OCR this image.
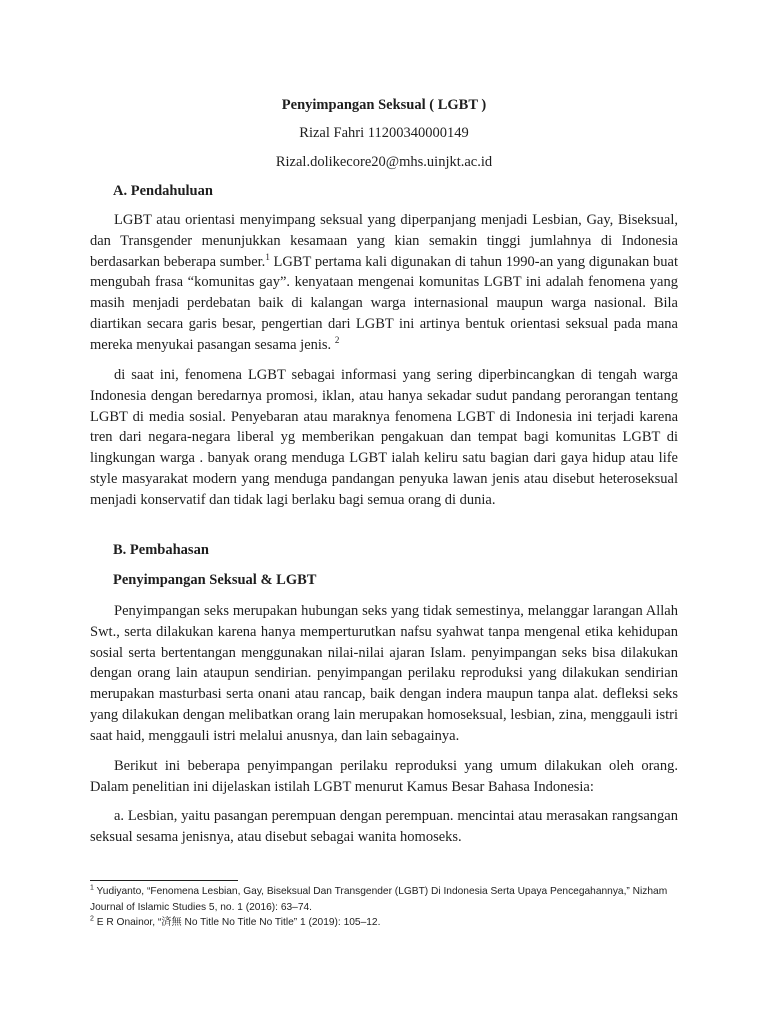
Penyimpangan Seksual ( LGBT )
Rizal Fahri 11200340000149
Rizal.dolikecore20@mhs.uinjkt.ac.id
A. Pendahuluan
LGBT atau orientasi menyimpang seksual yang diperpanjang menjadi Lesbian, Gay, Biseksual, dan Transgender menunjukkan kesamaan yang kian semakin tinggi jumlahnya di Indonesia berdasarkan beberapa sumber.$^1$ LGBT pertama kali digunakan di tahun 1990-an yang digunakan buat mengubah frasa “komunitas gay”. kenyataan mengenai komunitas LGBT ini adalah fenomena yang masih menjadi perdebatan baik di kalangan warga internasional maupun warga nasional. Bila diartikan secara garis besar, pengertian dari LGBT ini artinya bentuk orientasi seksual pada mana mereka menyukai pasangan sesama jenis. $^2$
di saat ini, fenomena LGBT sebagai informasi yang sering diperbincangkan di tengah warga Indonesia dengan beredarnya promosi, iklan, atau hanya sekadar sudut pandang perorangan tentang LGBT di media sosial. Penyebaran atau maraknya fenomena LGBT di Indonesia ini terjadi karena tren dari negara-negara liberal yg memberikan pengakuan dan tempat bagi komunitas LGBT di lingkungan warga . banyak orang menduga LGBT ialah keliru satu bagian dari gaya hidup atau life style masyarakat modern yang menduga pandangan penyuka lawan jenis atau disebut heteroseksual menjadi konservatif dan tidak lagi berlaku bagi semua orang di dunia.
B. Pembahasan
Penyimpangan Seksual & LGBT
Penyimpangan seks merupakan hubungan seks yang tidak semestinya, melanggar larangan Allah Swt., serta dilakukan karena hanya memperturutkan nafsu syahwat tanpa mengenal etika kehidupan sosial serta bertentangan menggunakan nilai-nilai ajaran Islam. penyimpangan seks bisa dilakukan dengan orang lain ataupun sendirian. penyimpangan perilaku reproduksi yang dilakukan sendirian merupakan masturbasi serta onani atau rancap, baik dengan indera maupun tanpa alat. defleksi seks yang dilakukan dengan melibatkan orang lain merupakan homoseksual, lesbian, zina, menggauli istri saat haid, menggauli istri melalui anusnya, dan lain sebagainya.
Berikut ini beberapa penyimpangan perilaku reproduksi yang umum dilakukan oleh orang. Dalam penelitian ini dijelaskan istilah LGBT menurut Kamus Besar Bahasa Indonesia:
a. Lesbian, yaitu pasangan perempuan dengan perempuan. mencintai atau merasakan rangsangan seksual sesama jenisnya, atau disebut sebagai wanita homoseks.
$^1$ Yudiyanto, “Fenomena Lesbian, Gay, Biseksual Dan Transgender (LGBT) Di Indonesia Serta Upaya Pencegahannya,” Nizham Journal of Islamic Studies 5, no. 1 (2016): 63–74.
$^2$ E R Onainor, “済無 No Title No Title No Title” 1 (2019): 105–12.
